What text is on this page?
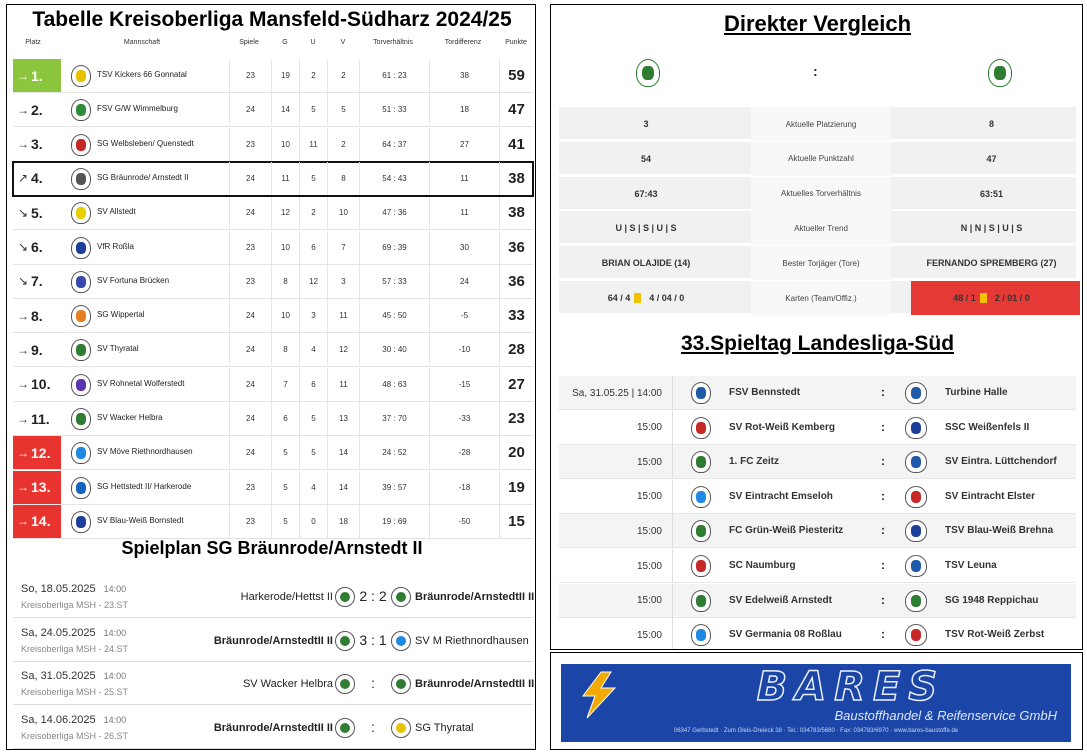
Tabelle Kreisoberliga Mansfeld-Südharz 2024/25
Platz	Mannschaft	Spiele	G	U	V	Torverhältnis	Tordifferenz	Punkte
→ 1.	TSV Kickers 66 Gonnatal	23	19	2	2	61 : 23	38	59
→ 2.	FSV G/W Wimmelburg	24	14	5	5	51 : 33	18	47
→ 3.	SG Welbsleben/ Quenstedt	23	10	11	2	64 : 37	27	41
↗ 4.	SG Bräunrode/ Arnstedt II	24	11	5	8	54 : 43	11	38
↘ 5.	SV Allstedt	24	12	2	10	47 : 36	11	38
↘ 6.	VfR Roßla	23	10	6	7	69 : 39	30	36
↘ 7.	SV Fortuna Brücken	23	8	12	3	57 : 33	24	36
→ 8.	SG Wippertal	24	10	3	11	45 : 50	-5	33
→ 9.	SV Thyratal	24	8	4	12	30 : 40	-10	28
→ 10.	SV Rohnetal Wolferstedt	24	7	6	11	48 : 63	-15	27
→ 11.	SV Wacker Helbra	24	6	5	13	37 : 70	-33	23
→ 12.	SV Möve Riethnordhausen	24	5	5	14	24 : 52	-28	20
→ 13.	SG Hettstedt II/ Harkerode	23	5	4	14	39 : 57	-18	19
→ 14.	SV Blau-Weiß Bornstedt	23	5	0	18	19 : 69	-50	15
Spielplan SG Bräunrode/Arnstedt II
So, 18.05.2025 14:00
Kreisoberliga MSH - 23.ST
Harkerode/Hettst II 2 : 2	Bräunrode/ArnstedtII II
Sa, 24.05.2025 14:00
Kreisoberliga MSH - 24.ST
Bräunrode/ArnstedtII II 3 : 1	SV M Riethnordhausen
Sa, 31.05.2025 14:00
Kreisoberliga MSH - 25.ST
SV Wacker Helbra	:	Bräunrode/ArnstedtII II
Sa, 14.06.2025 14:00
Kreisoberliga MSH - 26.ST
Bräunrode/ArnstedtII II	:	SG Thyratal
Direkter Vergleich
:
3	Aktuelle Platzierung	8
54	Aktuelle Punktzahl	47
67:43	Aktuelles Torverhältnis	63:51
U | S | S | U | S	Aktueller Trend	N | N | S | U | S
BRIAN OLAJIDE (14)	Bester Torjäger (Tore)	FERNANDO SPREMBERG (27)
64 / 4 4 / 0 4 / 0	Karten (Team/Offiz.)	48 / 1 2 / 0 1 / 0
33.Spieltag Landesliga-Süd
Sa, 31.05.25 | 14:00	FSV Bennstedt	:	Turbine Halle
15:00	SV Rot-Weiß Kemberg	:	SSC Weißenfels II
15:00	1. FC Zeitz	:	SV Eintra. Lüttchendorf
15:00	SV Eintracht Emseloh	:	SV Eintracht Elster
15:00	FC Grün-Weiß Piesteritz	:	TSV Blau-Weiß Brehna
15:00	SC Naumburg	:	TSV Leuna
15:00	SV Edelweiß Arnstedt	:	SG 1948 Reppichau
15:00	SV Germania 08 Roßlau	:	TSV Rot-Weiß Zerbst
BARES
Baustoffhandel & Reifenservice GmbH
06347 Gerbstedt · Zum Gleis-Dreieck 38 · Tel.: 034783/5680 · Fax: 034783/6970 · www.bares-baustoffe.de
